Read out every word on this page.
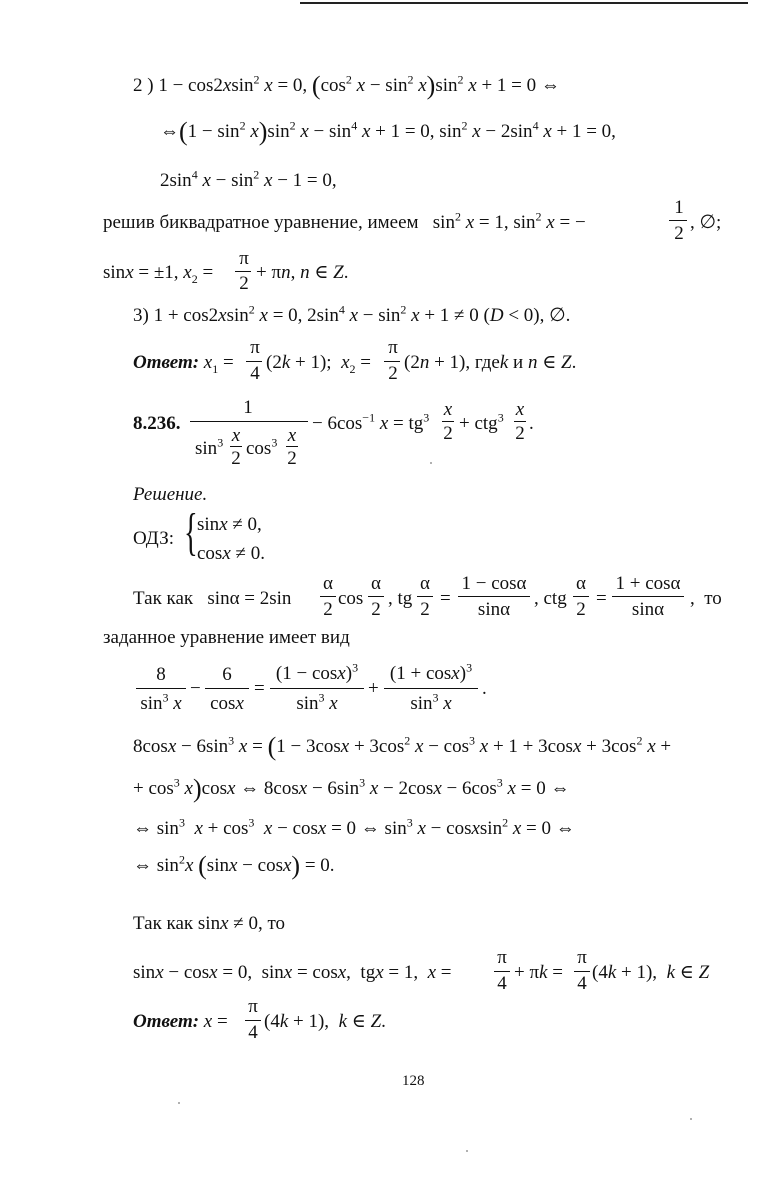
2 ) 1 − cos2xsin$^2$ x = 0, ($\cos^2$ $x - \sin^2 x)\sin^2$ x + 1 = 0 ⇔
⇔(1 − $\sin^2 x)\sin^2$ $x - \sin^4 x + 1 = 0$, $\sin^2 x - 2\sin^4$ x + 1 = 0,
$2\sin^4$ $x - \sin^2 x - 1 = 0$,
решив биквадратное уравнение, имеем   $\sin^2 x = 1$, $\sin^2 x$ = −
1
2
, ∅;
sinx = ±1, $x_2$ =
π
2
+ πn, n ∈ Z.
3) 1 + cos2xsin$^2$ x = 0, $2\sin^4$ $x - \sin^2 x + 1 \ne 0$ (D < 0), ∅.
Ответ: $x_1$ =
π
4
(2k + 1);  $x_2$ =
π
2
(2n + 1), гдеk и n ∈ Z.
8.236.
1
$\sin^3 x$
2 $\cos^3 x$
2
− $6\cos^{-1}$ $x = tg^3$ x
2 + ctg$^3$ x
2 .
Решение.
ОДЗ: { sinx ≠ 0,
cosx ≠ 0.
Так как   sinα = 2sin
α
2
cos
α
2
, tg
α
2
=
1 − cosα
sinα
, ctg
α
2
=
1 + cosα
sinα
,  то
заданное уравнение имеет вид
8
$\sin^3 x$
−
6
cosx
=
$(1 - \cos x)^3$
$\sin^3 x$
+
$(1 + \cos x)^3$
$\sin^3 x$
.
$8\cos x - 6\sin^3$ $x = (1 - 3\cos x + 3\cos^2$ $x - \cos^3 x + 1 + 3\cos x + 3\cos^2$ x +
+ $\cos^3 x)\cos x$ ⇔ $8\cos x - 6\sin^3$ $x - 2\cos x - 6\cos^3$ x = 0 ⇔
⇔ $\sin^3 x + \cos^3 x - \cos x = 0$ ⇔ $\sin^3 x$ − cosxsin$^2$ x = 0 ⇔
⇔ $\sin^2x$ (sinx − cosx) = 0.
Так как sinx ≠ 0, то
sinx − cosx = 0,  sinx = cosx,  tgx = 1,  x =
π
4
+ πk =
π
4
(4k + 1),  k ∈ Z
Ответ: x =
π
4
(4k + 1),  k ∈ Z.
128
